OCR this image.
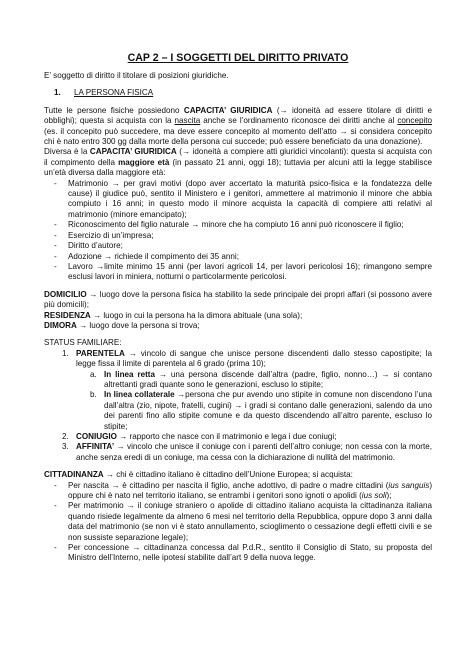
CAP 2 – I SOGGETTI DEL DIRITTO PRIVATO

E’ soggetto di diritto il titolare di posizioni giuridiche.

1.	LA PERSONA FISICA

Tutte le persone fisiche possiedono CAPACITA’ GIURIDICA (→ idoneità ad essere titolare di diritti e obblighi); questa si acquista con la nascita anche se l’ordinamento riconosce dei diritti anche al concepito (es. il concepito può succedere, ma deve essere concepito al momento dell’atto → si considera concepito chi è nato entro 300 gg dalla morte della persona cui succede; può essere beneficiato da una donazione).

Diversa è la CAPACITA’ GIURIDICA (→ idoneità a compiere atti giuridici vincolanti): questa si acquista con il compimento della maggiore età (in passato 21 anni, oggi 18); tuttavia per alcuni atti la legge stabilisce un’età diversa dalla maggiore età:

- Matrimonio → per gravi motivi (dopo aver accertato la maturità psico-fisica e la fondatezza delle cause) il giudice può, sentito il Ministero e i genitori, ammettere al matrimonio il minore che abbia compiuto i 16 anni; in questo modo il minore acquista la capacità di compiere atti relativi al matrimonio (minore emancipato);
- Riconoscimento del figlio naturale → minore che ha compiuto 16 anni può riconoscere il figlio;
- Esercizio di un’impresa;
- Diritto d’autore;
- Adozione → richiede il compimento dei 35 anni;
- Lavoro →limite minimo 15 anni (per lavori agricoli 14, per lavori pericolosi 16); rimangono sempre esclusi lavori in miniera, notturni o particolarmente pericolosi.

DOMICILIO → luogo dove la persona fisica ha stabilito la sede principale dei propri affari (si possono avere più domicili);

RESIDENZA → luogo in cui la persona ha la dimora abituale (una sola);

DIMORA → luogo dove la persona si trova;

STATUS FAMILIARE:

1. PARENTELA → vincolo di sangue che unisce persone discendenti dallo stesso capostipite; la legge fissa il limite di parentela al 6 grado (prima 10);
a. In linea retta → una persona discende dall’altra (padre, figlio, nonno…) → si contano altrettanti gradi quante sono le generazioni, escluso lo stipite;
b. In linea collaterale →persona che pur avendo uno stipite in comune non discendono l’una dall’altra (zio, nipote, fratelli, cugini) → i gradi si contano dalle generazioni, salendo da uno dei parenti fino allo stipite comune e da questo discendendo all’altro parente, escluso lo stipite;
2. CONIUGIO → rapporto che nasce con il matrimonio e lega i due coniugi;
3. AFFINITA’ → vincolo che unisce il coniuge con i parenti dell’altro coniuge; non cessa con la morte, anche senza eredi di un coniuge, ma cessa con la dichiarazione di nullità del matrimonio.

CITTADINANZA → chi è cittadino italiano è cittadino dell’Unione Europea; si acquista:

- Per nascita → è cittadino per nascita il figlio, anche adottivo, di padre o madre cittadini (ius sanguis) oppure chi è nato nel territorio italiano, se entrambi i genitori sono ignoti o apolidi (ius soli);
- Per matrimonio → il coniuge straniero o apolide di cittadino italiano acquista la cittadinanza italiana quando risiede legalmente da almeno 6 mesi nel territorio della Repubblica, oppure dopo 3 anni dalla data del matrimonio (se non vi è stato annullamento, scioglimento o cessazione degli effetti civili e se non sussiste separazione legale);
- Per concessione → cittadinanza concessa dal P.d.R., sentito il Consiglio di Stato, su proposta del Ministro dell’Interno, nelle ipotesi stabilite dall’art 9 della nuova legge.
